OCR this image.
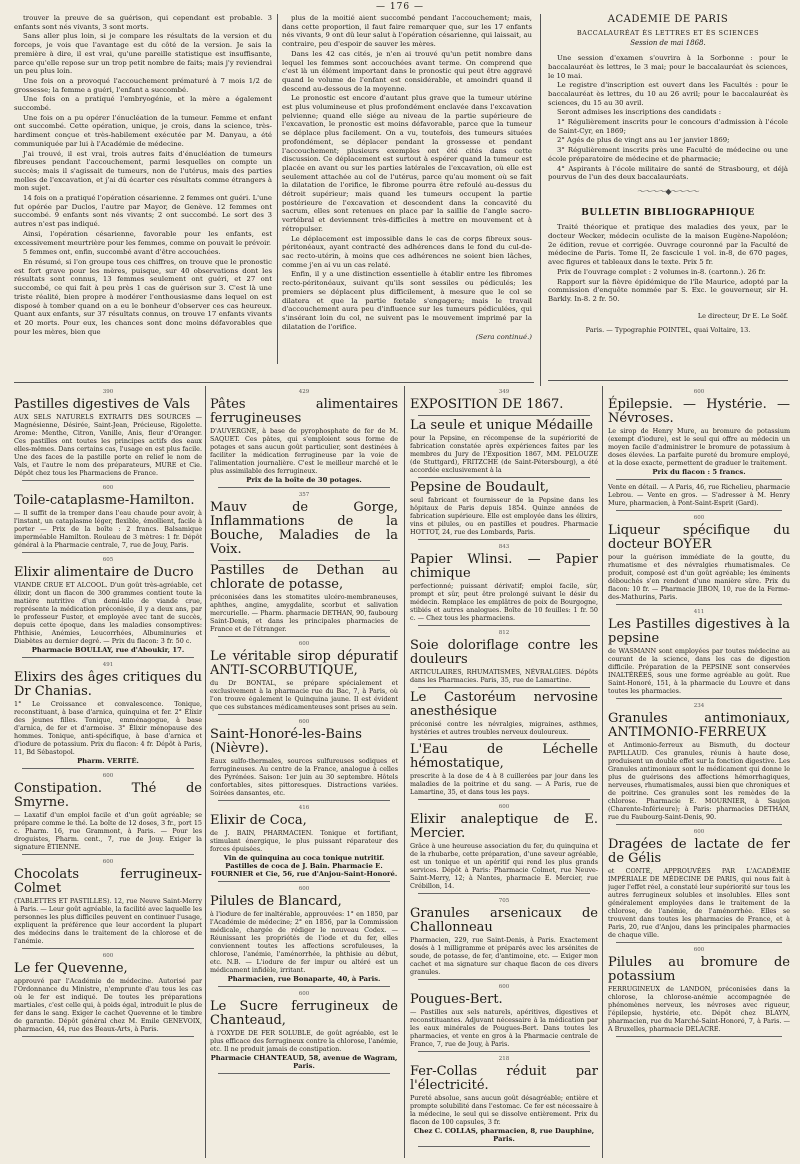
— 176 —

trouver la preuve de sa guérison, qui cependant est probable. 3 enfants sont nés vivants, 3 sont morts.

Sans aller plus loin, si je compare les résultats de la version et du forceps, je vois que l'avantage est du côté de la version. Je sais la première à dire, il est vrai, qu'une pareille statistique est insuffisante, parce qu'elle repose sur un trop petit nombre de faits; mais j'y reviendrai un peu plus loin.

Une fois on a provoqué l'accouchement prématuré à 7 mois 1/2 de grossesse; la femme a guéri, l'enfant a succombé.

Une fois on a pratiqué l'embryogénie, et la mère a également succombé.

Une fois on a pu opérer l'énucléation de la tumeur. Femme et enfant ont succombé. Cette opération, unique, je crois, dans la science, très-hardiment conçue et très-habilement exécutée par M. Danyau, a été communiquée par lui à l'Académie de médecine.

J'ai trouvé, il est vrai, trois autres faits d'énucléation de tumeurs fibreuses pendant l'accouchement, parmi lesquelles on compte un succès; mais il s'agissait de tumeurs, non de l'utérus, mais des parties molles de l'excavation, et j'ai dû écarter ces résultats comme étrangers à mon sujet.

14 fois on a pratiqué l'opération césarienne. 2 femmes ont guéri. L'une fut opérée par Duclos, l'autre par Mayor, de Genève. 12 femmes ont succombé. 9 enfants sont nés vivants; 2 ont succombé. Le sort des 3 autres n'est pas indiqué.

Ainsi, l'opération césarienne, favorable pour les enfants, est excessivement meurtrière pour les femmes, comme on pouvait le prévoir.

5 femmes ont, enfin, succombé avant d'être accouchées.

En résumé, si l'on groupe tous ces chiffres, on trouve que le pronostic est fort grave pour les mères, puisque, sur 40 observations dont les résultats sont connus, 13 femmes seulement ont guéri, et 27 ont succombé, ce qui fait à peu près 1 cas de guérison sur 3. C'est là une triste réalité, bien propre à modérer l'enthousiasme dans lequel on est disposé à tomber quand on a eu le bonheur d'observer ces cas heureux. Quant aux enfants, sur 37 résultats connus, on trouve 17 enfants vivants et 20 morts. Pour eux, les chances sont donc moins défavorables que pour les mères, bien que

plus de la moitié aient succombé pendant l'accouchement; mais, dans cette proportion, il faut faire remarquer que, sur les 17 enfants nés vivants, 9 ont dû leur salut à l'opération césarienne, qui laissait, au contraire, peu d'espoir de sauver les mères.

Dans les 42 cas cités, je n'en ai trouvé qu'un petit nombre dans lequel les femmes sont accouchées avant terme. On comprend que c'est là un élément important dans le pronostic qui peut être aggravé quand le volume de l'enfant est considérable, et amoindri quand il descend au-dessous de la moyenne.

Le pronostic est encore d'autant plus grave que la tumeur utérine est plus volumineuse et plus profondément enclavée dans l'excavation pelvienne; quand elle siége au niveau de la partie supérieure de l'excavation, le pronostic est moins défavorable, parce que la tumeur se déplace plus facilement. On a vu, toutefois, des tumeurs situées profondément, se déplacer pendant la grossesse et pendant l'accouchement; plusieurs exemples ont été cités dans cette discussion. Ce déplacement est surtout à espérer quand la tumeur est placée en avant ou sur les parties latérales de l'excavation, où elle est seulement attachée au col de l'utérus, parce qu'au moment où se fait la dilatation de l'orifice, le fibrome pourra être refoulé au-dessus du détroit supérieur; mais quand les tumeurs occupent la partie postérieure de l'excavation et descendent dans la concavité du sacrum, elles sont retenues en place par la saillie de l'angle sacro-vertébral et deviennent très-difficiles à mettre en mouvement et à rétropulser.

Le déplacement est impossible dans le cas de corps fibreux sous-péritonéaux, ayant contracté des adhérences dans le fond du cul-de-sac recto-utérin, à moins que ces adhérences ne soient bien lâches, comme j'en ai vu un cas relaté.

Enfin, il y a une distinction essentielle à établir entre les fibromes recto-péritonéaux, suivant qu'ils sont sessiles ou pédiculés; les premiers se déplacent plus difficilement, à mesure que le col se dilatera et que la partie fœtale s'engagera; mais le travail d'accouchement aura peu d'influence sur les tumeurs pédiculées, qui s'insérant loin du col, ne suivent pas le mouvement imprimé par la dilatation de l'orifice.

(Sera continué.)
ACADÉMIE DE PARIS
BACCALAURÉAT ÈS LETTRES ET ÈS SCIENCES
Session de mai 1868.

Une session d'examen s'ouvrira à la Sorbonne : pour le baccalauréat ès lettres, le 3 mai; pour le baccalauréat ès sciences, le 10 mai.

Le registre d'inscription est ouvert dans les Facultés : pour le baccalauréat ès lettres, du 10 au 26 avril; pour le baccalauréat ès sciences, du 15 au 30 avril.

Seront admises les inscriptions des candidats :

1° Régulièrement inscrits pour le concours d'admission à l'école de Saint-Cyr, en 1869;

2° Agés de plus de vingt ans au 1er janvier 1869;

3° Régulièrement inscrits près une Faculté de médecine ou une école préparatoire de médecine et de pharmacie;

4° Aspirants à l'école militaire de santé de Strasbourg, et déjà pourvus de l'un des deux baccalauréats.

～～～～◆～～～～
BULLETIN BIBLIOGRAPHIQUE

Traité théorique et pratique des maladies des yeux, par le docteur Wecker, médecin oculiste de la maison Eugène-Napoléon; 2e édition, revue et corrigée. Ouvrage couronné par la Faculté de médecine de Paris. Tome II, 2e fascicule 1 vol. in-8, de 670 pages, avec figures et tableaux dans le texte. Prix 5 fr.

Prix de l'ouvrage complet : 2 volumes in-8. (cartonn.). 26 fr.

Rapport sur la fièvre épidémique de l'île Maurice, adopté par la commission d'enquête nommée par S. Exc. le gouverneur, sir H. Barkly. In-8. 2 fr. 50.

Le directeur, Dr E. Le Soëf.
Paris. — Typographie POINTEL, quai Voltaire, 13.
390
Pastilles digestives de Vals
AUX SELS NATURELS EXTRAITS DES SOURCES — Magnésienne, Désirée, Saint-Jean, Précieuse, Rigolette. Arome: Menthe, Citron, Vanille, Anis, fleur d'Oranger. Ces pastilles ont toutes les principes actifs des eaux elles-mêmes. Dans certains cas, l'usage en est plus facile. Une des faces de la pastille porte en relief le nom de Vals, et l'autre le nom des préparateurs, MURE et Cie. Dépôt chez tous les Pharmaciens de France.
600
Toile-cataplasme-Hamilton.
— Il suffit de la tremper dans l'eau chaude pour avoir, à l'instant, un cataplasme léger, flexible, émollient, facile à porter — Prix de la boîte : 2 francs. Balsamique imperméable Hamilton. Rouleau de 3 mètres: 1 fr. Dépôt général à la Pharmacie centrale, 7, rue de Jouy, Paris.
605
Elixir alimentaire de Ducro
VIANDE CRUE ET ALCOOL. D'un goût très-agréable, cet élixir, dont un flacon de 300 grammes contient toute la matière nutritive d'un demi-kilo de viande crue, représente la médication préconisée, il y a deux ans, par le professeur Fuster, et employée avec tant de succès, depuis cette époque, dans les maladies consomptives: Phthisie, Anémies, Leucorrhées, Albuminuries et Diabètes au dernier degré. — Prix du flacon: 3 fr. 50 c.
Pharmacie BOULLAY, rue d'Aboukir, 17.
491
Elixirs des âges critiques du Dr Chanias.
1° Le Croissance et convalescence. Tonique, reconstituant, à base d'arnica, quinquina et fer. 2° Élixir des jeunes filles. Tonique, emménagogue, à base d'arnica, de fer et d'armoise. 3° Élixir ménopause des hommes. Tonique, anti-spécifique, à base d'arnica et d'iodure de potassium. Prix du flacon: 4 fr. Dépôt à Paris, 11, Bd Sébastopol.
Pharm. VERITÉ.
600
Constipation. Thé de Smyrne.
— Laxatif d'un emploi facile et d'un goût agréable; se prépare comme le thé. La boîte de 12 doses, 3 fr., port 15 c. Pharm. 16, rue Grammont, à Paris. — Pour les droguistes, Pharm. cent., 7, rue de Jouy. Exiger la signature ÉTIENNE.
600
Chocolats ferrugineux-Colmet
(TABLETTES ET PASTILLES). 12, rue Neuve Saint-Merry à Paris. — Leur goût agréable, la facilité avec laquelle les personnes les plus difficiles peuvent en continuer l'usage, expliquent la préférence que leur accordent la plupart des médecins dans le traitement de la chlorose et de l'anémie.
600
Le fer Quevenne,
approuvé par l'Académie de médecine. Autorisé par l'Ordonnance du Ministre, n'emprunte d'au tous les cas où le fer est indiqué. De toutes les préparations martiales, c'est celle qui, à poids égal, introduit le plus de fer dans le sang. Exiger le cachet Quevenne et le timbre de garantie. Dépôt général chez M. Emile GENEVOIX, pharmacien, 44, rue des Beaux-Arts, à Paris.
429
Pâtes alimentaires ferrugineuses
D'AUVERGNE, à base de pyrophosphate de fer de M. SAQUET. Ces pâtes, qui s'emploient sous forme de potages et sans aucun goût particulier, sont destinées à faciliter la médication ferrugineuse par la voie de l'alimentation journalière. C'est le meilleur marché et le plus assimilable des ferrugineux.
Prix de la boîte de 30 potages.
357
Mauv de Gorge, Inflammations de la Bouche, Maladies de la Voix.
Pastilles de Dethan au chlorate de potasse,
préconisées dans les stomatites ulcéro-membraneuses, aphthes, angine, amygdalite, scorbut et salivation mercurielle. — Pharm. pharmacie DETHAN, 90, faubourg Saint-Denis, et dans les principales pharmacies de France et de l'étranger.
600
Le véritable sirop dépuratif ANTI-SCORBUTIQUE,
du Dr BONTAL, se prépare spécialement et exclusivement à la pharmacie rue du Bac, 7, à Paris, où l'on trouve également le Quinquina jaune. Il est évident que ces substances médicamenteuses sont prises au sein.
600
Saint-Honoré-les-Bains (Nièvre).
Eaux sulfo-thermales, sources sulfureuses sodiques et ferrugineuses. Au centre de la France, analogue à celles des Pyrénées. Saison: 1er juin au 30 septembre. Hôtels confortables, sites pittoresques. Distractions variées. Soirées dansantes, etc.
416
Elixir de Coca,
de J. BAIN, PHARMACIEN. Tonique et fortifiant, stimulant énergique, le plus puissant réparateur des forces épuisées.
Vin de quinquina au coca tonique nutritif. Pastilles de coca de J. Bain. Pharmacie E. FOURNIER et Cie, 56, rue d'Anjou-Saint-Honoré.
600
Pilules de Blancard,
à l'iodure de fer inaltérable, approuvées: 1° en 1850, par l'Académie de médecine; 2° en 1856, par la Commission médicale, chargée de rédiger le nouveau Codex. — Réunissant les propriétés de l'iode et du fer, elles conviennent toutes les affections scrofuleuses, la chlorose, l'anémie, l'aménorrhée, la phthisie au début, etc. N.B. — L'iodure de fer impur ou altéré est un médicament infidèle, irritant.
Pharmacien, rue Bonaparte, 40, à Paris.
600
Le Sucre ferrugineux de Chanteaud,
à l'OXYDE DE FER SOLUBLE, de goût agréable, est le plus efficace des ferrugineux contre la chlorose, l'anémie, etc. Il ne produit jamais de constipation.
Pharmacie CHANTEAUD, 58, avenue de Wagram, Paris.
349
EXPOSITION DE 1867.
La seule et unique Médaille
pour la Pepsine, en récompense de la supériorité de fabrication constatée après expériences faites par les membres du Jury de l'Exposition 1867, MM. PELOUZE (de Stuttgard), FRITZCHE (de Saint-Pétersbourg), a été accordée exclusivement à la
Pepsine de Boudault,
seul fabricant et fournisseur de la Pepsine dans les hôpitaux de Paris depuis 1854. Quinze années de fabrication supérieure. Elle est employée dans les élixirs, vins et pilules, ou en pastilles et poudres. Pharmacie HOTTOT, 24, rue des Lombards, Paris.
843
Papier Wlinsi. — Papier chimique
perfectionné; puissant dérivatif; emploi facile, sûr, prompt et sûr, peut être prolongé suivant le désir du médecin. Remplace les emplâtres de poix de Bourgogne, stibiés et autres analogues. Boîte de 10 feuilles: 1 fr. 50 c. — Chez tous les pharmaciens.
812
Soie doloriflage contre les douleurs
ARTICULAIRES, RHUMATISMES, NÉVRALGIES. Dépôts dans les Pharmacies. Paris, 35, rue de Lamartine.
Le Castoréum nervosine anesthésique
préconisé contre les névralgies, migraines, asthmes, hystéries et autres troubles nerveux douloureux.
L'Eau de Léchelle hémostatique,
prescrite à la dose de 4 à 8 cuillerées par jour dans les maladies de la poitrine et du sang. — A Paris, rue de Lamartine, 35, et dans tous les pays.
600
Elixir analeptique de E. Mercier.
Grâce à une heureuse association du fer, du quinquina et de la rhubarbe, cette préparation, d'une saveur agréable, est un tonique et un apéritif qui rend les plus grands services. Dépôt à Paris: Pharmacie Colmet, rue Neuve-Saint-Merry, 12; à Nantes, pharmacie E. Mercier, rue Crébillon, 14.
705
Granules arsenicaux de Challonneau
Pharmacien, 229, rue Saint-Denis, à Paris. Exactement dosés à 1 milligramme et préparés avec les arsénites de soude, de potasse, de fer, d'antimoine, etc. — Exiger mon cachet et ma signature sur chaque flacon de ces divers granules.
600
Pougues-Bert.
— Pastilles aux sels naturels, apéritives, digestives et reconstituantes. Adjuvant nécessaire à la médication par les eaux minérales de Pougues-Bert. Dans toutes les pharmacies, et vente en gros à la Pharmacie centrale de France, 7, rue de Jouy, à Paris.
218
Fer-Collas réduit par l'électricité.
Pureté absolue, sans aucun goût désagréable; entière et prompte solubilité dans l'estomac. Ce fer est nécessaire à la médecine, le seul qui se dissolve entièrement. Prix du flacon de 100 capsules, 3 fr.
Chez C. COLLAS, pharmacien, 8, rue Dauphine, Paris.
600
Épilepsie. — Hystérie. — Névroses.
Le sirop de Henry Mure, au bromure de potassium (exempt d'iodure), est le seul qui offre au médecin un moyen facile d'administrer le bromure de potassium à doses élevées. La parfaite pureté du bromure employé, et la dose exacte, permettent de graduer le traitement.
Prix du flacon : 5 francs.
Vente en détail. — A Paris, 46, rue Richelieu, pharmacie Lebrou. — Vente en gros. — S'adresser à M. Henry Mure, pharmacien, à Pont-Saint-Esprit (Gard).
600
Liqueur spécifique du docteur BOYER
pour la guérison immédiate de la goutte, du rhumatisme et des névralgies rhumatismales. Ce produit, composé est d'un goût agréable; les éminents débouchés s'en rendent d'une manière sûre. Prix du flacon: 10 fr. — Pharmacie JIBON, 10, rue de la Ferme-des-Mathurins, Paris.
411
Les Pastilles digestives à la pepsine
de WASMANN sont employées par toutes médecine au courant de la science, dans les cas de digestion difficile. Préparation de la PEPSINE sont conservées INALTÉRÉES, sous une forme agréable au goût. Rue Saint-Honoré, 151, à la pharmacie du Louvre et dans toutes les pharmacies.
234
Granules antimoniaux, ANTIMONIO-FERREUX
et Antimonio-ferreux au Bismuth, du docteur PAPILLAUD. Ces granules, réunis à haute dose, produisent un double effet sur la fonction digestive. Les Granules antimoniaux sont le médicament qui donne le plus de guérisons des affections hémorrhagiques, nerveuses, rhumatismales, aussi bien que chroniques et de poitrine. Ces granules sont les remèdes de la chlorose. Pharmacie E. MOURNIER, à Saujon (Charente-Inférieure); à Paris: pharmacies DETHAN, rue du Faubourg-Saint-Denis, 90.
600
Dragées de lactate de fer de Gélis
et CONTÉ, APPROUVÉES PAR L'ACADÉMIE IMPÉRIALE DE MÉDECINE DE PARIS, qui nous fait à juger l'effet réel, a constaté leur supériorité sur tous les autres ferrugineux solubles et insolubles. Elles sont généralement employées dans le traitement de la chlorose, de l'anémie, de l'aménorrhée. Elles se trouvent dans toutes les pharmacies de France, et à Paris, 20, rue d'Anjou, dans les principales pharmacies de chaque ville.
600
Pilules au bromure de potassium
FERRUGINEUX de LANDON, préconisées dans la chlorose, la chlorose-anémie accompagnée de phénomènes nerveux, les névroses avec rigueur, l'épilepsie, hystérie, etc. Dépôt chez BLAYN, pharmacien, rue du Marché-Saint-Honoré, 7, à Paris. — A Bruxelles, pharmacie DELACRE.
